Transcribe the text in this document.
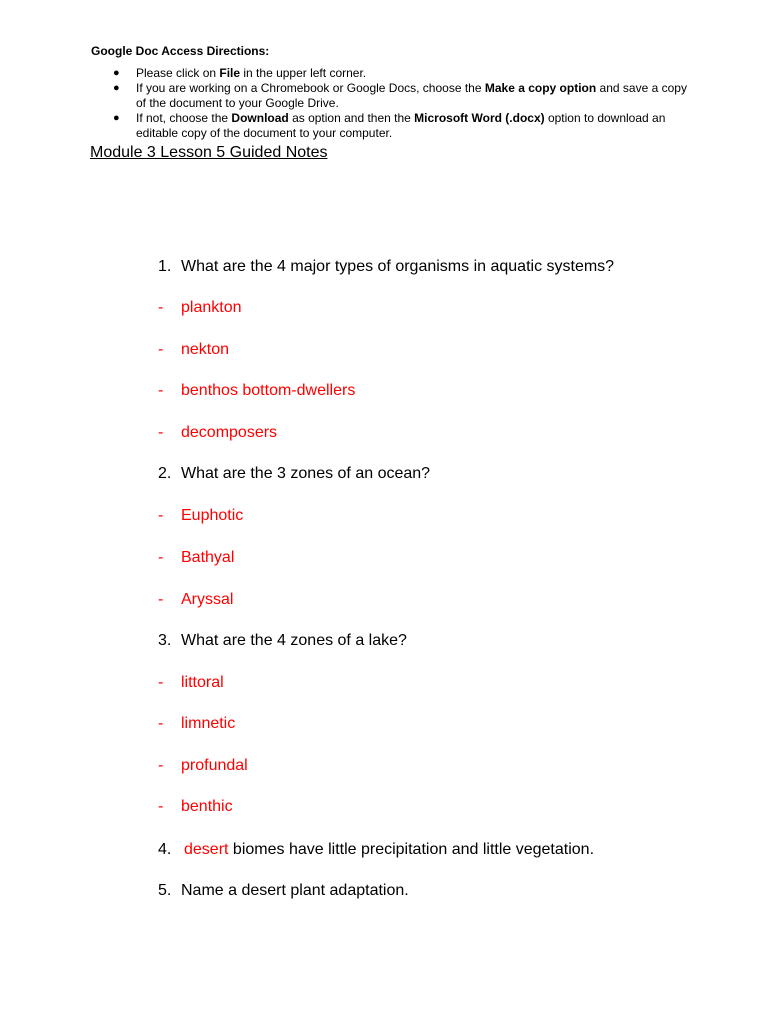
Google Doc Access Directions:

● Please click on File in the upper left corner.
● If you are working on a Chromebook or Google Docs, choose the Make a copy option and save a copy of the document to your Google Drive.
● If not, choose the Download as option and then the Microsoft Word (.docx) option to download an editable copy of the document to your computer.
Module 3 Lesson 5 Guided Notes
1. What are the 4 major types of organisms in aquatic systems?
- plankton
- nekton
- benthos bottom-dwellers
- decomposers
2. What are the 3 zones of an ocean?
- Euphotic
- Bathyal
- Aryssal
3. What are the 4 zones of a lake?
- littoral
- limnetic
- profundal
- benthic
4. desert biomes have little precipitation and little vegetation.
5. Name a desert plant adaptation.
